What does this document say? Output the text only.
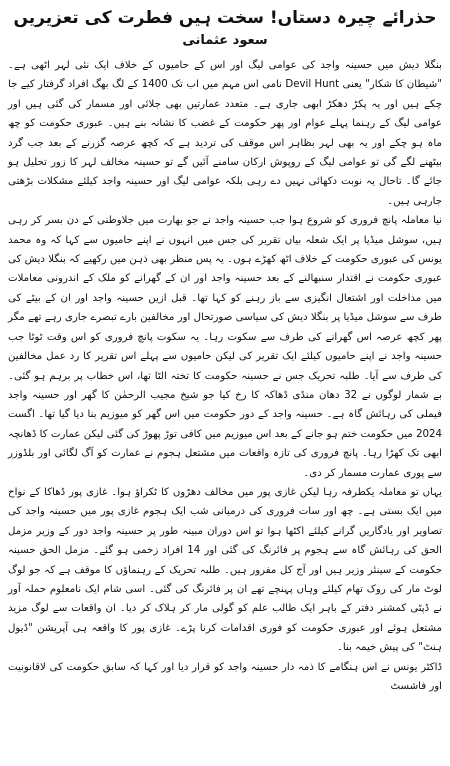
حذرائے چیرہ دستاں! سخت ہیں فطرت کی تعزیریں
سعود عثمانی

بنگلا دیش میں حسینہ واجد کی عوامی لیگ اور اس کے حامیوں کے خلاف ایک نئی لہر اٹھی ہے۔ "شیطان کا شکار" یعنی Devil Hunt نامی اس مہم میں اب تک 1400 کے لگ بھگ افراد گرفتار کیے جا چکے ہیں اور یہ پکڑ دھکڑ ابھی جاری ہے۔ متعدد عمارتیں بھی جلائی اور مسمار کی گئی ہیں اور عوامی لیگ کے رہنما پہلے عوام اور پھر حکومت کے غضب کا نشانہ بنے ہیں۔ عبوری حکومت کو چھ ماہ ہو چکے اور یہ بھی لہر بظاہر اس موقف کی تردید ہے کہ کچھ عرصہ گزرنے کے بعد جب گرد بیٹھنے لگے گی تو عوامی لیگ کے روپوش ارکان سامنے آئیں گے تو حسینہ مخالف لہر کا زور تحلیل ہو جائے گا۔ تاحال یہ نوبت دکھائی نہیں دے رہی بلکہ عوامی لیگ اور حسینہ واجد کیلئے مشکلات بڑھتی جارہی ہیں۔

نیا معاملہ پانچ فروری کو شروع ہوا جب حسینہ واجد نے جو بھارت میں جلاوطنی کے دن بسر کر رہی ہیں، سوشل میڈیا پر ایک شعلہ بیاں تقریر کی جس میں انہوں نے اپنے حامیوں سے کہا کہ وہ محمد یونس کی عبوری حکومت کے خلاف اٹھ کھڑے ہوں۔ یہ پس منظر بھی ذہن میں رکھیے کہ بنگلا دیش کی عبوری حکومت نے اقتدار سنبھالنے کے بعد حسینہ واجد اور ان کے گھرانے کو ملک کے اندرونی معاملات میں مداخلت اور اشتعال انگیزی سے باز رہنے کو کہا تھا۔ قبل ازیں حسینہ واجد اور ان کے بیٹے کی طرف سے سوشل میڈیا پر بنگلا دیش کی سیاسی صورتحال اور مخالفین بارے تبصرے جاری رہے تھے مگر پھر کچھ عرصہ اس گھرانے کی طرف سے سکوت رہا۔ یہ سکوت پانچ فروری کو اس وقت ٹوٹا جب حسینہ واجد نے اپنے حامیوں کیلئے ایک تقریر کی لیکن حامیوں سے پہلے اس تقریر کا رد عمل مخالفین کی طرف سے آیا۔ طلبہ تحریک جس نے حسینہ حکومت کا تختہ الٹا تھا، اس خطاب پر برہم ہو گئی۔ بے شمار لوگوں نے 32 دھان منڈی ڈھاکہ کا رخ کیا جو شیخ مجیب الرحمٰن کا گھر اور حسینہ واجد فیملی کی رہائش گاہ ہے۔ حسینہ واجد کے دور حکومت میں اس گھر کو میوزیم بنا دیا گیا تھا۔ اگست 2024 میں حکومت ختم ہو جانے کے بعد اس میوزیم میں کافی توڑ پھوڑ کی گئی لیکن عمارت کا ڈھانچہ ابھی تک کھڑا رہا۔ پانچ فروری کی تازہ واقعات میں مشتعل ہجوم نے عمارت کو آگ لگائی اور بلڈوزر سے پوری عمارت مسمار کر دی۔

یہاں تو معاملہ یکطرفہ رہا لیکن غازی پور میں مخالف دھڑوں کا ٹکراؤ ہوا۔ غازی پور ڈھاکا کے نواح میں ایک بستی ہے۔ چھ اور سات فروری کی درمیانی شب ایک ہجوم غازی پور میں حسینہ واجد کی تصاویر اور یادگاریں گرانے کیلئے اکٹھا ہوا تو اس دوران مبینہ طور پر حسینہ واجد دور کے وزیر مزمل الحق کی رہائش گاہ سے ہجوم پر فائرنگ کی گئی اور 14 افراد زخمی ہو گئے۔ مزمل الحق حسینہ حکومت کے سینئر وزیر ہیں اور آج کل مفرور ہیں۔ طلبہ تحریک کے رہنماؤں کا موقف ہے کہ جو لوگ لوٹ مار کی روک تھام کیلئے وہاں پہنچے تھے ان پر فائرنگ کی گئی۔ اسی شام ایک نامعلوم حملہ آور نے ڈپٹی کمشنر دفتر کے باہر ایک طالب علم کو گولی مار کر ہلاک کر دیا۔ ان واقعات سے لوگ مزید مشتعل ہوئے اور عبوری حکومت کو فوری اقدامات کرنا پڑے۔ غازی پور کا واقعہ ہی آپریشن "ڈیول ہنٹ" کی پیش خیمہ بنا۔

ڈاکٹر یونس نے اس ہنگامے کا ذمہ دار حسینہ واجد کو قرار دیا اور کہا کہ سابق حکومت کی لاقانونیت اور فاشسٹ
